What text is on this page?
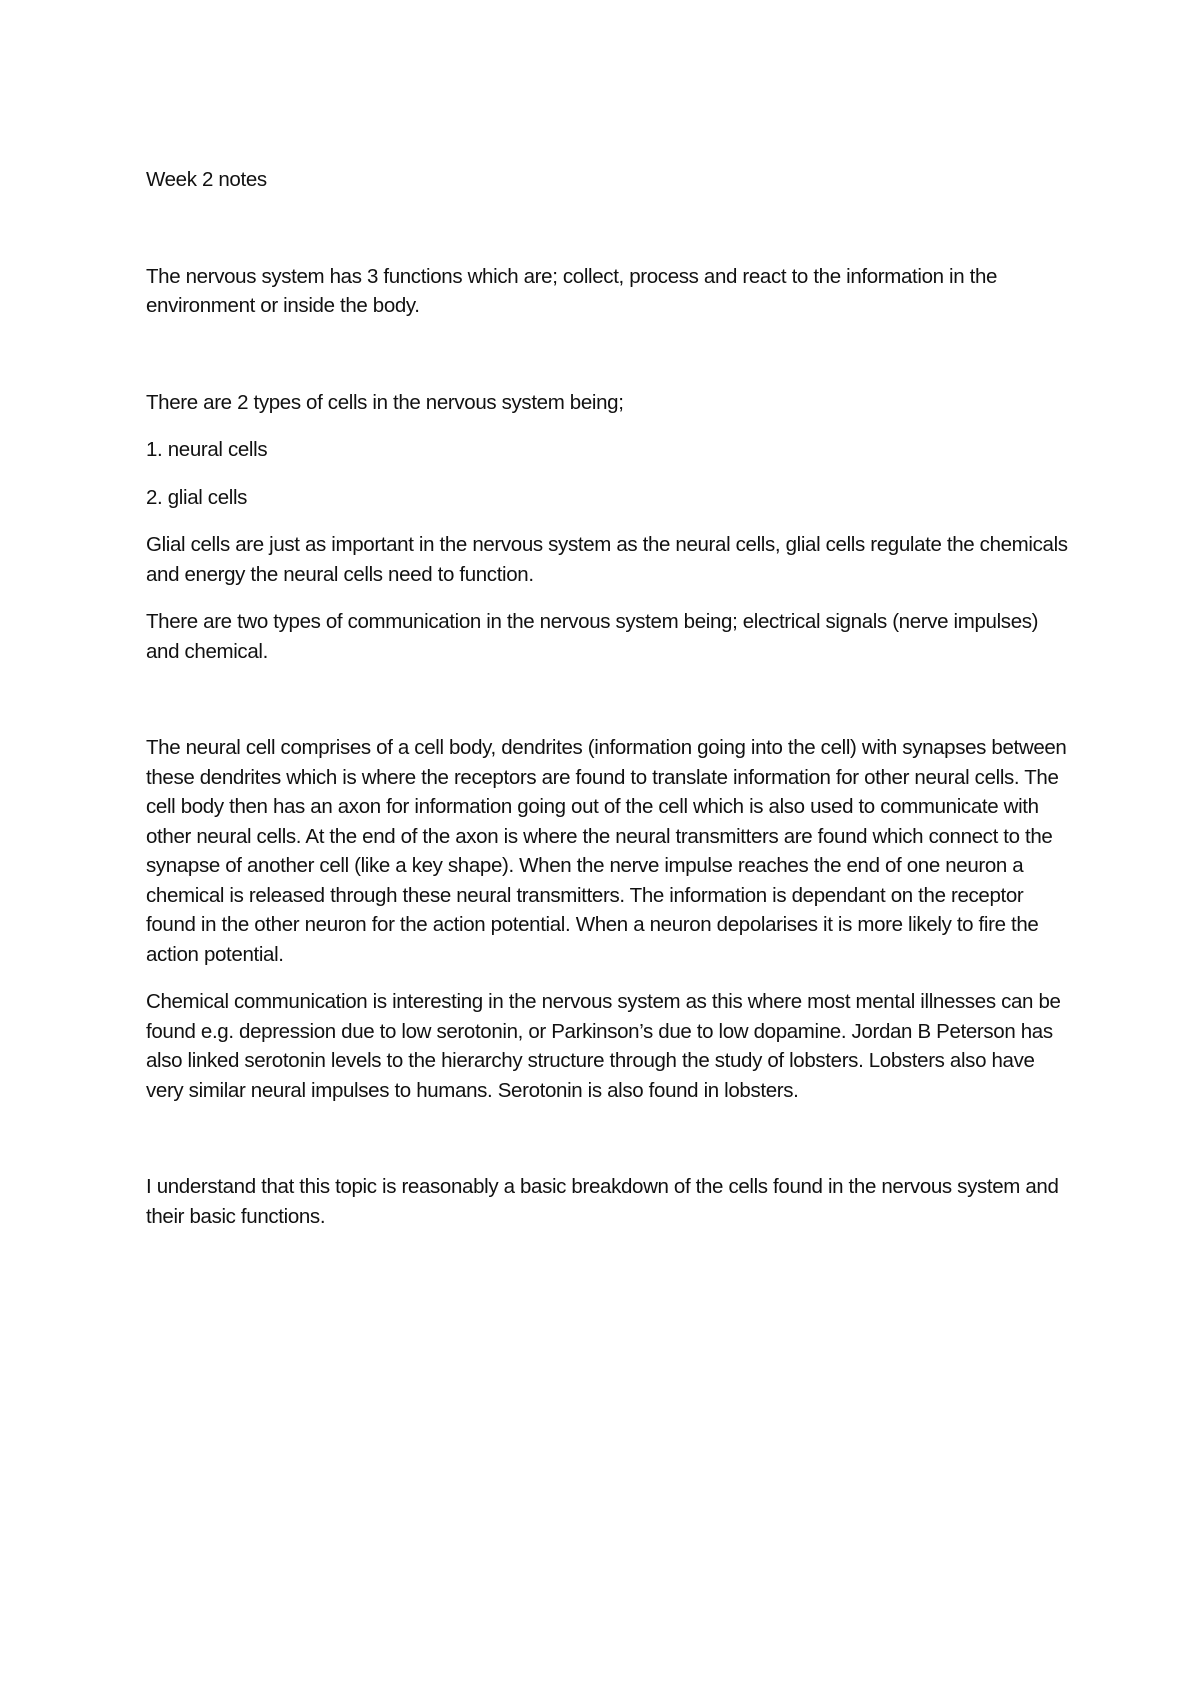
Week 2 notes

The nervous system has 3 functions which are; collect, process and react to the information in the environment or inside the body.

There are 2 types of cells in the nervous system being;

1. neural cells

2. glial cells

Glial cells are just as important in the nervous system as the neural cells, glial cells regulate the chemicals and energy the neural cells need to function.

There are two types of communication in the nervous system being; electrical signals (nerve impulses) and chemical.

The neural cell comprises of a cell body, dendrites (information going into the cell) with synapses between these dendrites which is where the receptors are found to translate information for other neural cells. The cell body then has an axon for information going out of the cell which is also used to communicate with other neural cells. At the end of the axon is where the neural transmitters are found which connect to the synapse of another cell (like a key shape). When the nerve impulse reaches the end of one neuron a chemical is released through these neural transmitters. The information is dependant on the receptor found in the other neuron for the action potential. When a neuron depolarises it is more likely to fire the action potential.

Chemical communication is interesting in the nervous system as this where most mental illnesses can be found e.g. depression due to low serotonin, or Parkinson’s due to low dopamine. Jordan B Peterson has also linked serotonin levels to the hierarchy structure through the study of lobsters. Lobsters also have very similar neural impulses to humans. Serotonin is also found in lobsters.

I understand that this topic is reasonably a basic breakdown of the cells found in the nervous system and their basic functions.
